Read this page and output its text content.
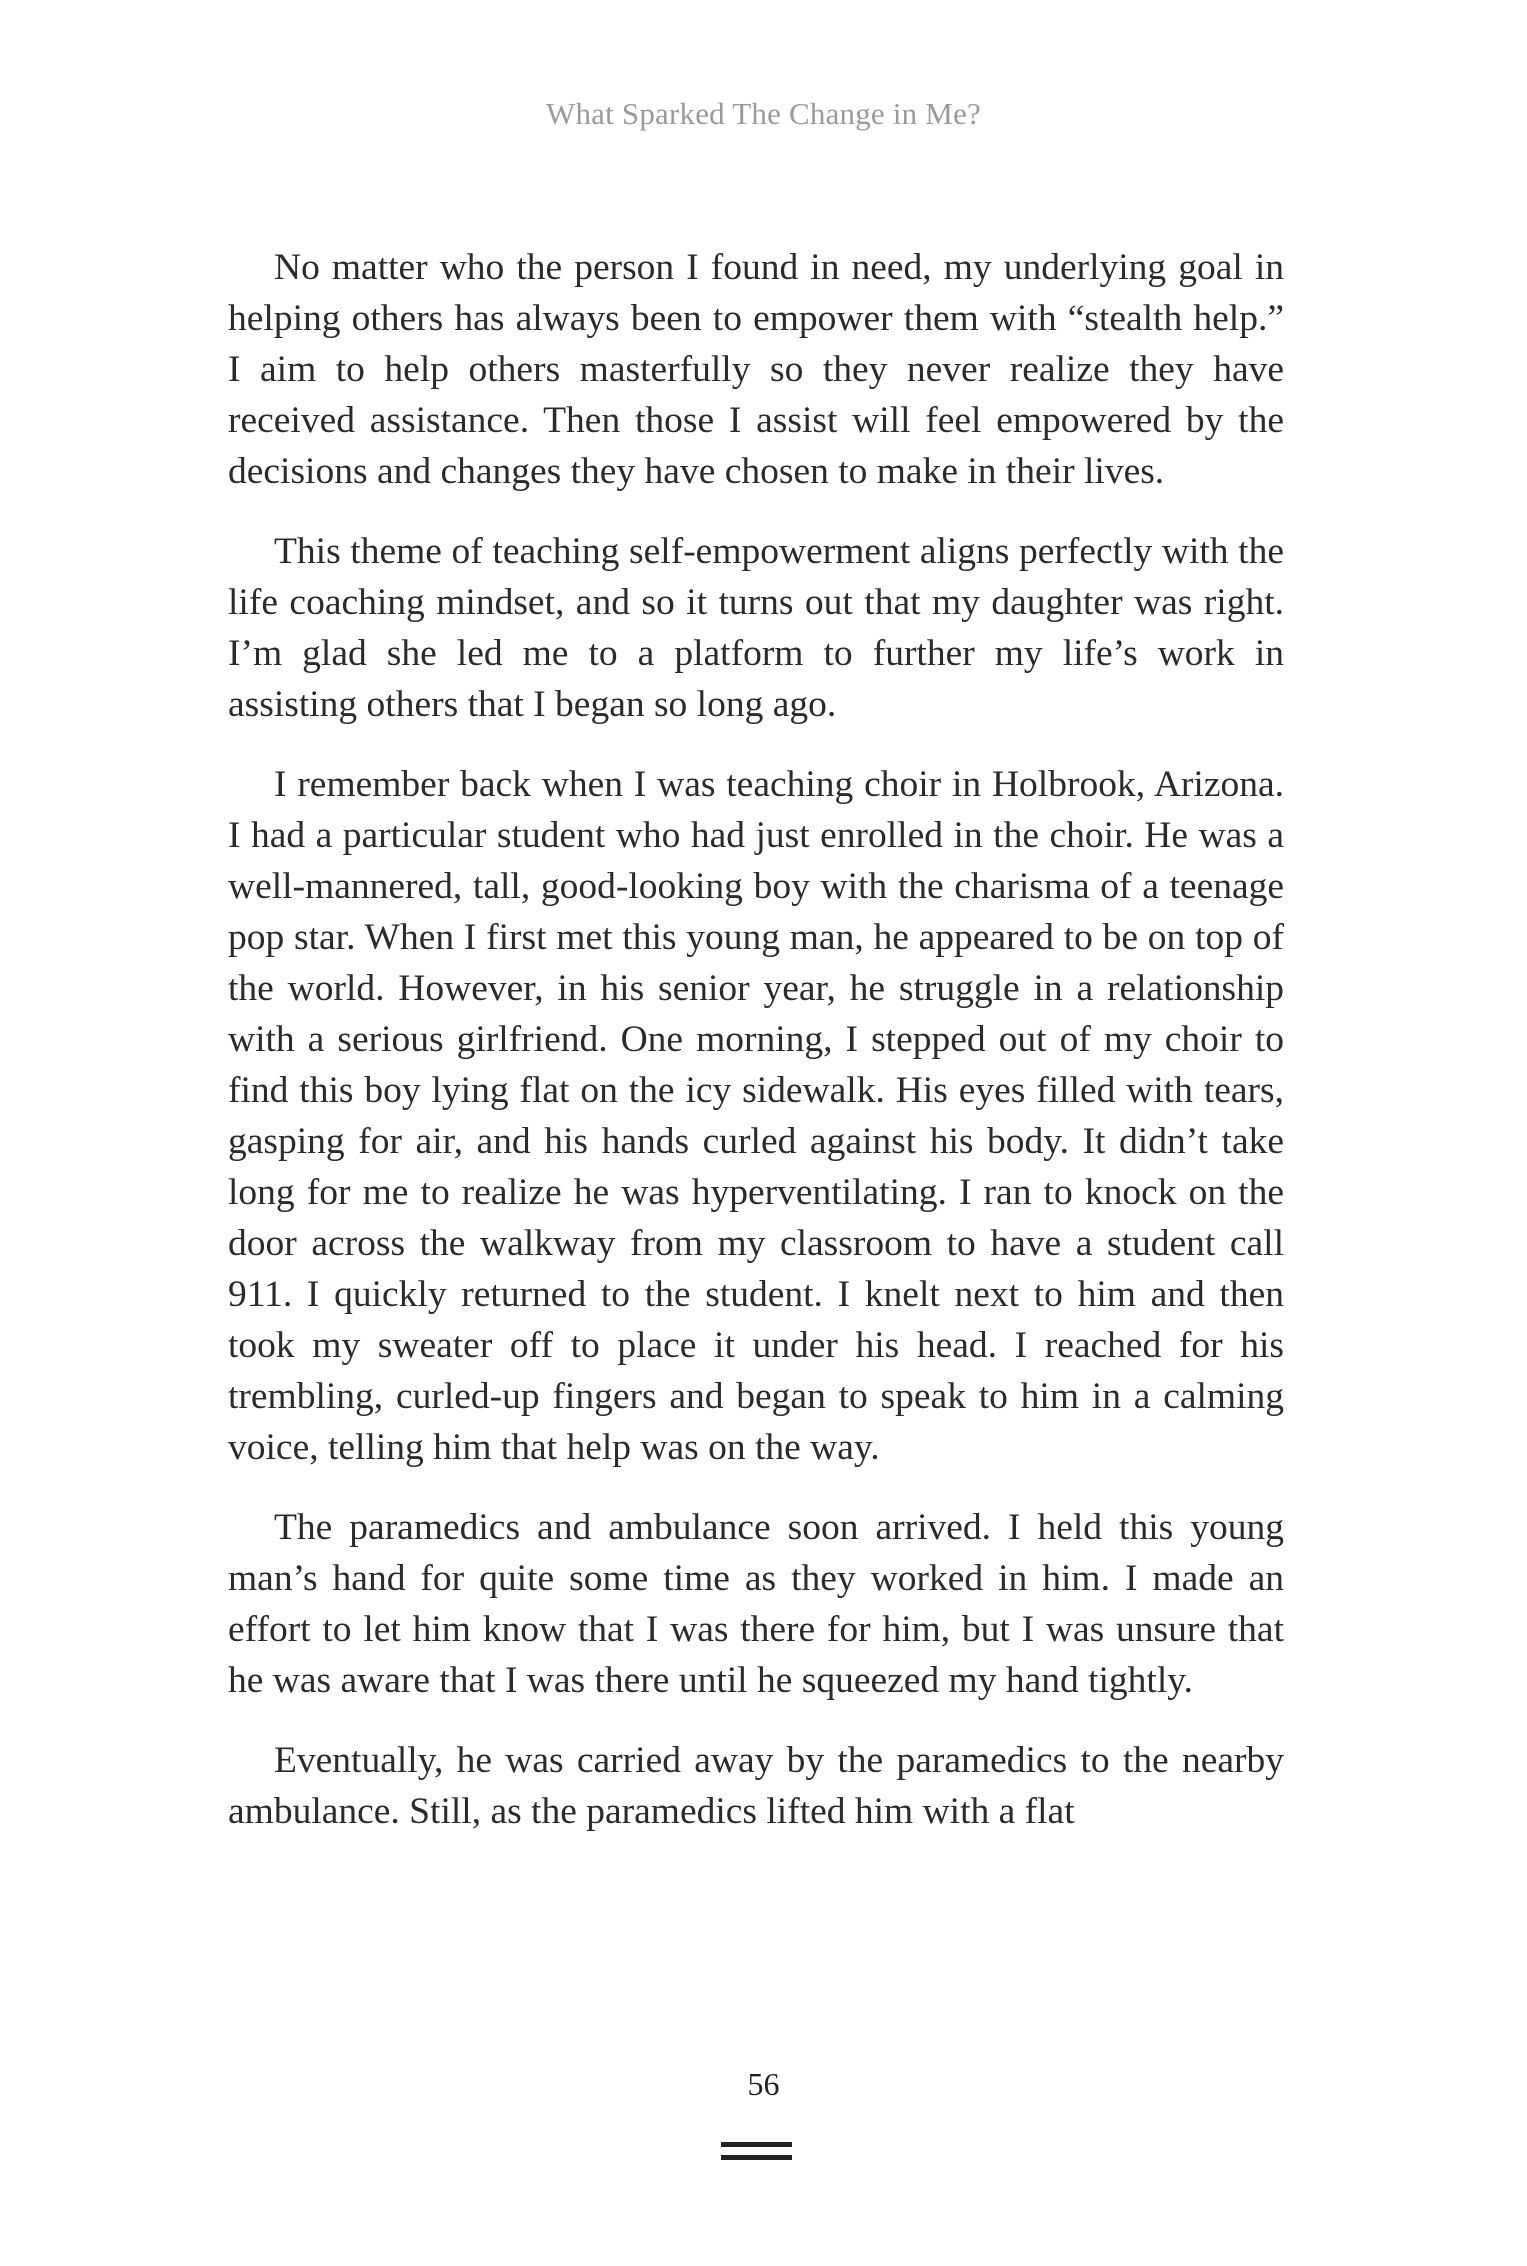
What Sparked The Change in Me?

No matter who the person I found in need, my underlying goal in helping others has always been to empower them with “stealth help.” I aim to help others masterfully so they never realize they have received assistance. Then those I assist will feel empowered by the decisions and changes they have chosen to make in their lives.

This theme of teaching self-empowerment aligns perfectly with the life coaching mindset, and so it turns out that my daughter was right. I’m glad she led me to a platform to further my life’s work in assisting others that I began so long ago.

I remember back when I was teaching choir in Holbrook, Arizona. I had a particular student who had just enrolled in the choir. He was a well-mannered, tall, good-looking boy with the charisma of a teenage pop star. When I first met this young man, he appeared to be on top of the world. However, in his senior year, he struggle in a relationship with a serious girlfriend. One morning, I stepped out of my choir to find this boy lying flat on the icy sidewalk. His eyes filled with tears, gasping for air, and his hands curled against his body. It didn’t take long for me to realize he was hyperventilating. I ran to knock on the door across the walkway from my classroom to have a student call 911. I quickly returned to the student. I knelt next to him and then took my sweater off to place it under his head. I reached for his trembling, curled-up fingers and began to speak to him in a calming voice, telling him that help was on the way.

The paramedics and ambulance soon arrived. I held this young man’s hand for quite some time as they worked in him. I made an effort to let him know that I was there for him, but I was unsure that he was aware that I was there until he squeezed my hand tightly.

Eventually, he was carried away by the paramedics to the nearby ambulance. Still, as the paramedics lifted him with a flat

56
